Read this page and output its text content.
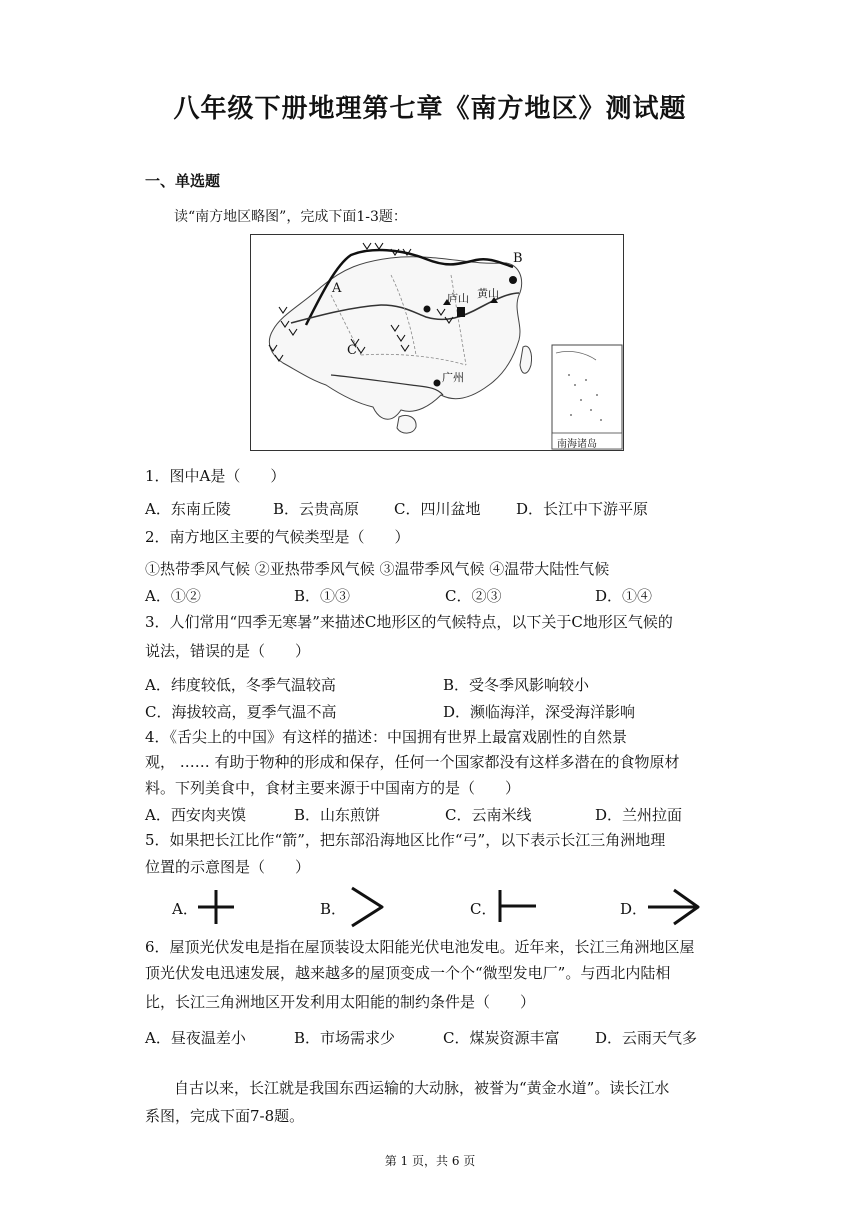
八年级下册地理第七章《南方地区》测试题
一、单选题
读“南方地区略图”，完成下面1-3题：
A
B
C
庐山 黄山
广州
南海诸岛
1．图中A是（　　）
A．东南丘陵	B．云贵高原 C．四川盆地 D．长江中下游平原
2．南方地区主要的气候类型是（　　）
①热带季风气候 ②亚热带季风气候 ③温带季风气候 ④温带大陆性气候
A．①②	B．①③	C．②③	D．①④
3．人们常用“四季无寒暑”来描述C地形区的气候特点，以下关于C地形区气候的
说法，错误的是（　　）
A．纬度较低，冬季气温较高	B．受冬季风影响较小
C．海拔较高，夏季气温不高	D．濒临海洋，深受海洋影响
4．《舌尖上的中国》有这样的描述：中国拥有世界上最富戏剧性的自然景
观， …… 有助于物种的形成和保存，任何一个国家都没有这样多潜在的食物原材
料。下列美食中，食材主要来源于中国南方的是（　　）
A．西安肉夹馍	B．山东煎饼	C．云南米线	D．兰州拉面
5．如果把长江比作“箭”，把东部沿海地区比作“弓”，以下表示长江三角洲地理
位置的示意图是（　　）
A．	B．	C．	D．
6．屋顶光伏发电是指在屋顶装设太阳能光伏电池发电。近年来，长江三角洲地区屋
顶光伏发电迅速发展，越来越多的屋顶变成一个个“微型发电厂”。与西北内陆相
比，长江三角洲地区开发利用太阳能的制约条件是（　　）
A．昼夜温差小	B．市场需求少	C．煤炭资源丰富 D．云雨天气多
自古以来，长江就是我国东西运输的大动脉，被誉为“黄金水道”。读长江水
系图，完成下面7-8题。
第 1 页，共 6 页
